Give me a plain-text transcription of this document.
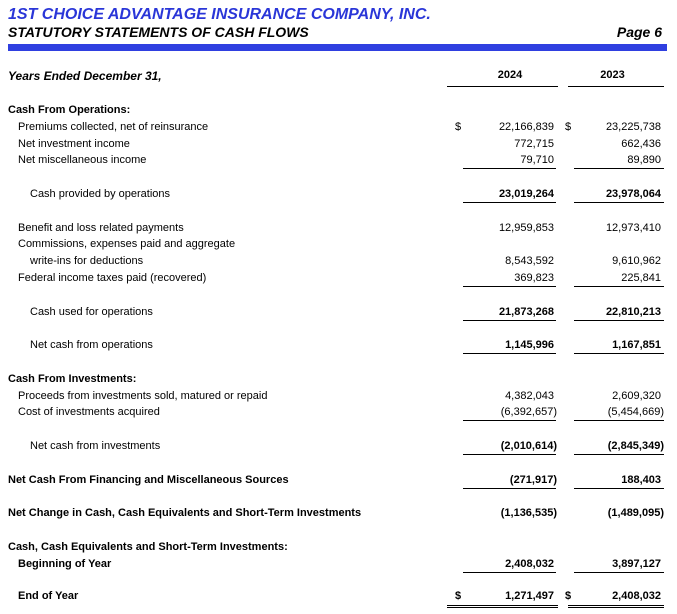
1ST CHOICE ADVANTAGE INSURANCE COMPANY, INC.
STATUTORY STATEMENTS OF CASH FLOWS	Page 6
Years Ended December 31,	2024	2023
Cash From Operations:
Premiums collected, net of reinsurance	$	22,166,839 $	23,225,738
Net investment income	772,715	662,436
Net miscellaneous income	79,710	89,890
Cash provided by operations	23,019,264	23,978,064
Benefit and loss related payments	12,959,853	12,973,410
Commissions, expenses paid and aggregate
write-ins for deductions	8,543,592	9,610,962
Federal income taxes paid (recovered)	369,823	225,841
Cash used for operations	21,873,268	22,810,213
Net cash from operations	1,145,996	1,167,851
Cash From Investments:
Proceeds from investments sold, matured or repaid	4,382,043	2,609,320
Cost of investments acquired	(6,392,657)	(5,454,669)
Net cash from investments	(2,010,614)	(2,845,349)
Net Cash From Financing and Miscellaneous Sources	(271,917)	188,403
Net Change in Cash, Cash Equivalents and Short-Term Investments	(1,136,535)	(1,489,095)
Cash, Cash Equivalents and Short-Term Investments:
Beginning of Year	2,408,032	3,897,127
End of Year	$	1,271,497 $	2,408,032
